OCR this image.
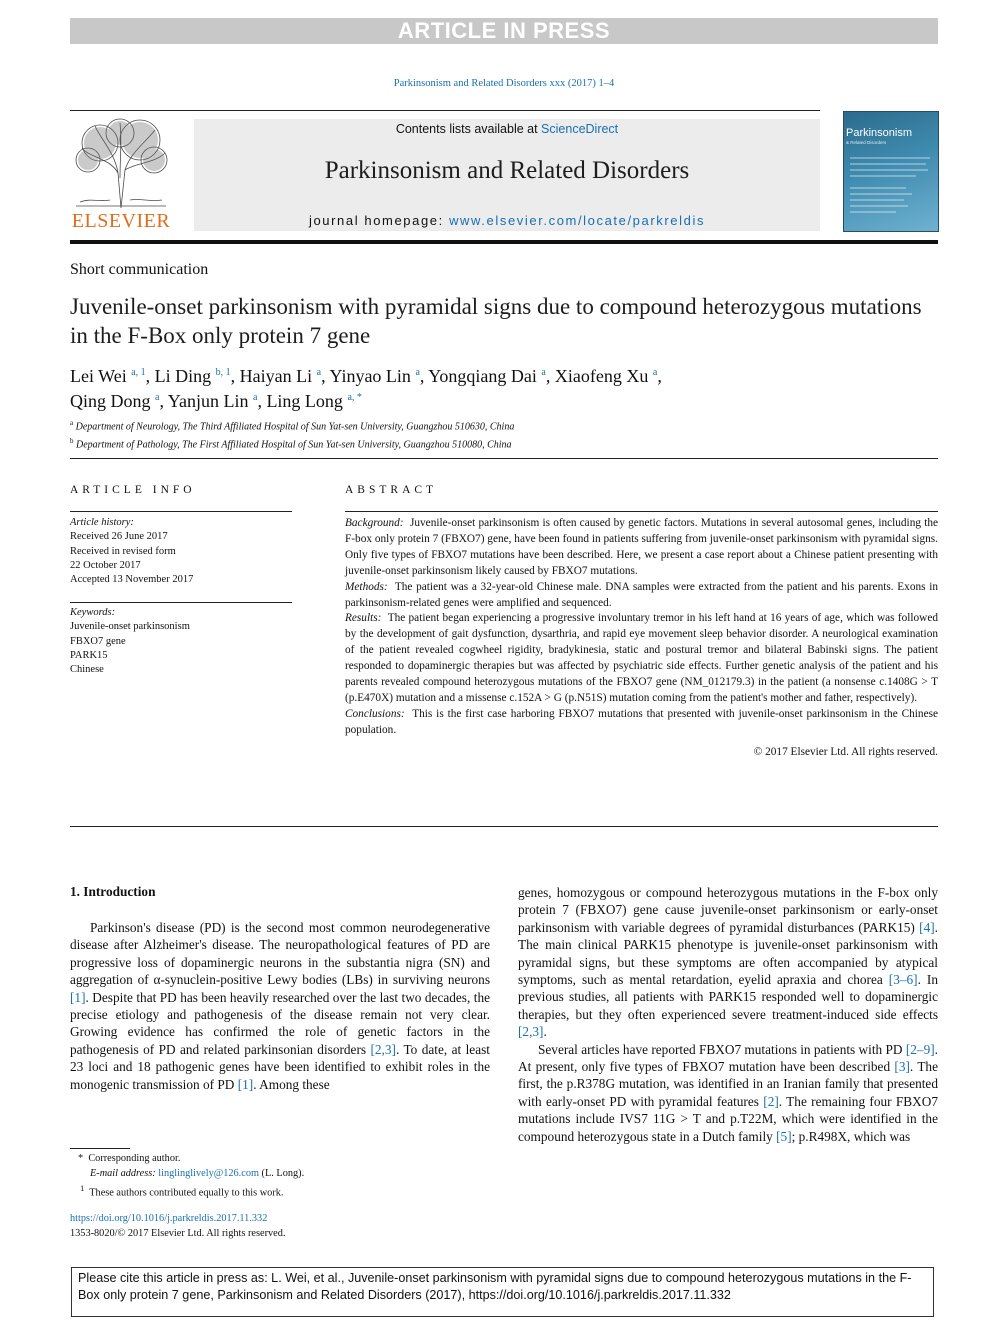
ARTICLE IN PRESS
Parkinsonism and Related Disorders xxx (2017) 1–4
ELSEVIER
Contents lists available at ScienceDirect
Parkinsonism and Related Disorders
journal homepage: www.elsevier.com/locate/parkreldis
Parkinsonism
& Related Disorders
Short communication
Juvenile-onset parkinsonism with pyramidal signs due to compound heterozygous mutations in the F-Box only protein 7 gene
Lei Wei $^{a, 1}$, Li Ding $^{b, 1}$, Haiyan Li $^a$, Yinyao Lin $^a$, Yongqiang Dai $^a$, Xiaofeng Xu $^a$,
Qing Dong $^a$, Yanjun Lin $^a$, Ling Long $^{a, *}$
$^a$ Department of Neurology, The Third Affiliated Hospital of Sun Yat-sen University, Guangzhou 510630, China
$^b$ Department of Pathology, The First Affiliated Hospital of Sun Yat-sen University, Guangzhou 510080, China
ARTICLE INFO
Article history:
Received 26 June 2017
Received in revised form
22 October 2017
Accepted 13 November 2017
Keywords:
Juvenile-onset parkinsonism
FBXO7 gene
PARK15
Chinese
ABSTRACT

Background: Juvenile-onset parkinsonism is often caused by genetic factors. Mutations in several autosomal genes, including the F-box only protein 7 (FBXO7) gene, have been found in patients suffering from juvenile-onset parkinsonism with pyramidal signs. Only five types of FBXO7 mutations have been described. Here, we present a case report about a Chinese patient presenting with juvenile-onset parkinsonism likely caused by FBXO7 mutations.

Methods: The patient was a 32-year-old Chinese male. DNA samples were extracted from the patient and his parents. Exons in parkinsonism-related genes were amplified and sequenced.

Results: The patient began experiencing a progressive involuntary tremor in his left hand at 16 years of age, which was followed by the development of gait dysfunction, dysarthria, and rapid eye movement sleep behavior disorder. A neurological examination of the patient revealed cogwheel rigidity, bradykinesia, static and postural tremor and bilateral Babinski signs. The patient responded to dopaminergic therapies but was affected by psychiatric side effects. Further genetic analysis of the patient and his parents revealed compound heterozygous mutations of the FBXO7 gene (NM_012179.3) in the patient (a nonsense c.1408G > T (p.E470X) mutation and a missense c.152A > G (p.N51S) mutation coming from the patient's mother and father, respectively).

Conclusions: This is the first case harboring FBXO7 mutations that presented with juvenile-onset parkinsonism in the Chinese population.

© 2017 Elsevier Ltd. All rights reserved.

1. Introduction

Parkinson's disease (PD) is the second most common neurodegenerative disease after Alzheimer's disease. The neuropathological features of PD are progressive loss of dopaminergic neurons in the substantia nigra (SN) and aggregation of α-synuclein-positive Lewy bodies (LBs) in surviving neurons [1]. Despite that PD has been heavily researched over the last two decades, the precise etiology and pathogenesis of the disease remain not very clear. Growing evidence has confirmed the role of genetic factors in the pathogenesis of PD and related parkinsonian disorders [2,3]. To date, at least 23 loci and 18 pathogenic genes have been identified to exhibit roles in the monogenic transmission of PD [1]. Among these

genes, homozygous or compound heterozygous mutations in the F-box only protein 7 (FBXO7) gene cause juvenile-onset parkinsonism or early-onset parkinsonism with variable degrees of pyramidal disturbances (PARK15) [4]. The main clinical PARK15 phenotype is juvenile-onset parkinsonism with pyramidal signs, but these symptoms are often accompanied by atypical symptoms, such as mental retardation, eyelid apraxia and chorea [3–6]. In previous studies, all patients with PARK15 responded well to dopaminergic therapies, but they often experienced severe treatment-induced side effects [2,3].

Several articles have reported FBXO7 mutations in patients with PD [2–9]. At present, only five types of FBXO7 mutation have been described [3]. The first, the p.R378G mutation, was identified in an Iranian family that presented with early-onset PD with pyramidal features [2]. The remaining four FBXO7 mutations include IVS7 11G > T and p.T22M, which were identified in the compound heterozygous state in a Dutch family [5]; p.R498X, which was

* Corresponding author.
E-mail address: linglinglively@126.com (L. Long).
$^1$ These authors contributed equally to this work.
https://doi.org/10.1016/j.parkreldis.2017.11.332
1353-8020/© 2017 Elsevier Ltd. All rights reserved.
Please cite this article in press as: L. Wei, et al., Juvenile-onset parkinsonism with pyramidal signs due to compound heterozygous mutations in the F-Box only protein 7 gene, Parkinsonism and Related Disorders (2017), https://doi.org/10.1016/j.parkreldis.2017.11.332
